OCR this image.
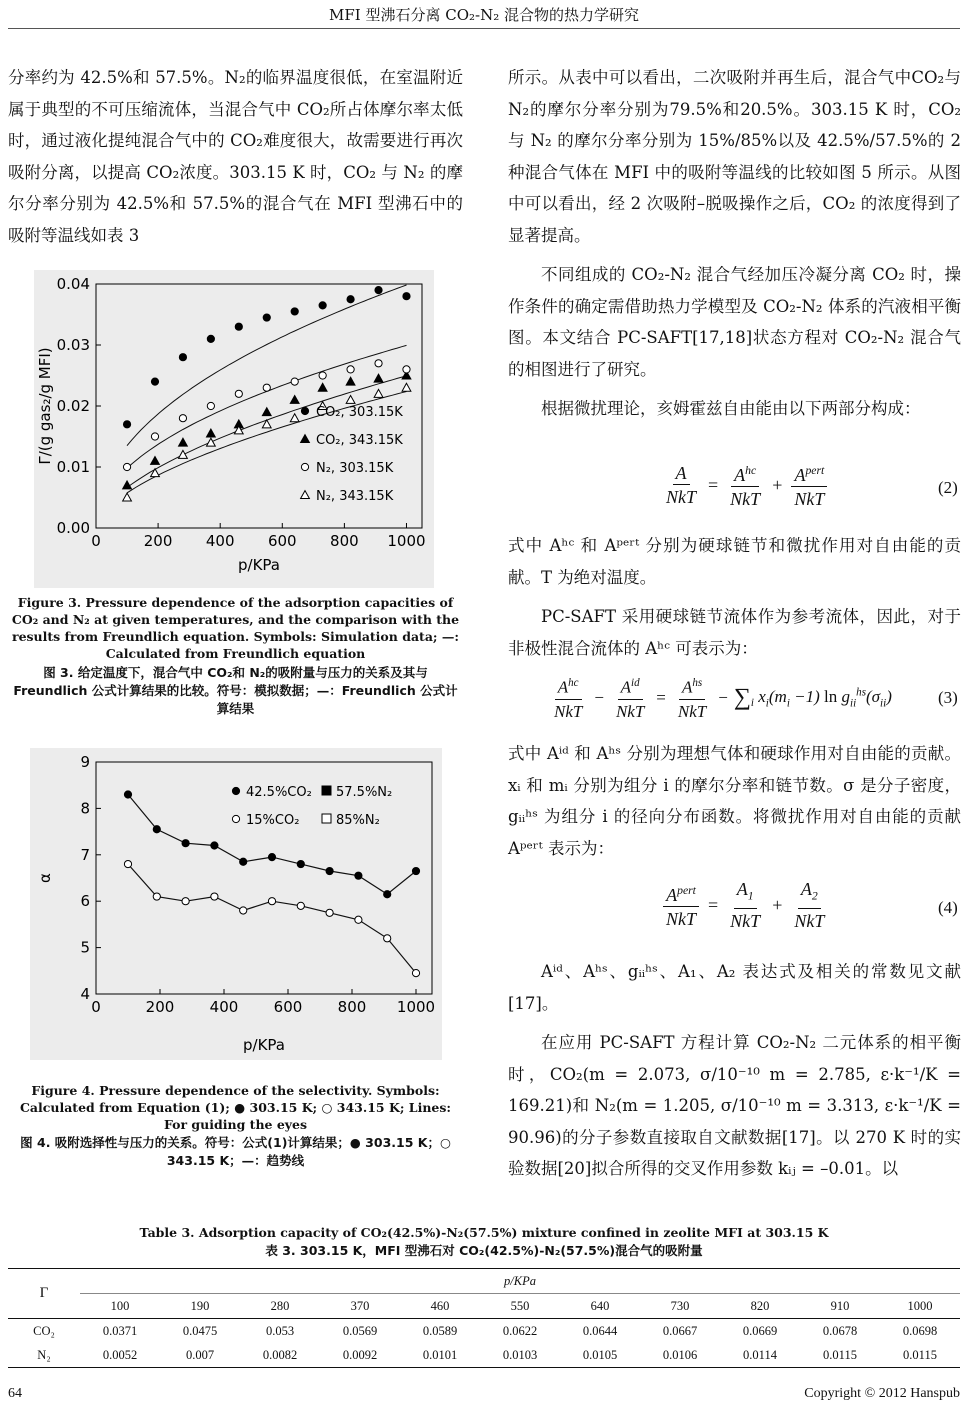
MFI 型沸石分离 CO₂-N₂ 混合物的热力学研究

分率约为 42.5%和 57.5%。N₂的临界温度很低，在室温附近属于典型的不可压缩流体，当混合气中 CO₂所占体摩尔率太低时，通过液化提纯混合气中的 CO₂难度很大，故需要进行再次吸附分离，以提高 CO₂浓度。303.15 K 时，CO₂ 与 N₂ 的摩尔分率分别为 42.5%和 57.5%的混合气在 MFI 型沸石中的吸附等温线如表 3

0	200 400 600 800 1000
0.00
0.01
0.02
0.03
0.04
p/KPa
Γ/(g gas₂/g MFI)	CO₂, 303.15K
CO₂, 343.15K
N₂, 303.15K
N₂, 343.15K
Figure 3. Pressure dependence of the adsorption capacities of CO₂ and N₂ at given temperatures, and the comparison with the results from Freundlich equation. Symbols: Simulation data; —: Calculated from Freundlich equation
图 3. 给定温度下，混合气中 CO₂和 N₂的吸附量与压力的关系及其与 Freundlich 公式计算结果的比较。符号：模拟数据；—：Freundlich 公式计算结果
0	200 400 600 800 1000
4
5
6
7
8
9
p/KPa
α
42.5%CO₂ 57.5%N₂
15%CO₂	85%N₂
Figure 4. Pressure dependence of the selectivity. Symbols: Calculated from Equation (1); ● 303.15 K; ○ 343.15 K; Lines: For guiding the eyes
图 4. 吸附选择性与压力的关系。符号：公式(1)计算结果；● 303.15 K；○ 343.15 K；—：趋势线

所示。从表中可以看出，二次吸附并再生后，混合气中CO₂与N₂的摩尔分率分别为79.5%和20.5%。303.15 K 时，CO₂ 与 N₂ 的摩尔分率分别为 15%/85%以及 42.5%/57.5%的 2 种混合气体在 MFI 中的吸附等温线的比较如图 5 所示。从图中可以看出，经 2 次吸附–脱吸操作之后，CO₂ 的浓度得到了显著提高。

不同组成的 CO₂-N₂ 混合气经加压冷凝分离 CO₂ 时，操作条件的确定需借助热力学模型及 CO₂-N₂ 体系的汽液相平衡图。本文结合 PC-SAFT[17,18]状态方程对 CO₂-N₂ 混合气的相图进行了研究。

根据微扰理论，亥姆霍兹自由能由以下两部分构成：

$\frac{A}{\text{NkT}} = \frac{A^{hc}}{\text{NkT}} + \frac{A^{pert}}{\text{NkT}}$	(2)

式中 Aʰᶜ 和 Aᵖᵉʳᵗ 分别为硬球链节和微扰作用对自由能的贡献。T 为绝对温度。

PC-SAFT 采用硬球链节流体作为参考流体，因此，对于非极性混合流体的 Aʰᶜ 可表示为：

$\frac{A^{hc}}{\text{NkT}} - \frac{A^{id}}{\text{NkT}} = \frac{A^{hs}}{\text{NkT}} - \sum_i$ $x_i(m_i -1)$ $\ln g_{ii}^{hs}(\sigma_{ii})$	(3)

式中 Aⁱᵈ 和 Aʰˢ 分别为理想气体和硬球作用对自由能的贡献。xᵢ 和 mᵢ 分别为组分 i 的摩尔分率和链节数。σ 是分子密度，gᵢᵢʰˢ 为组分 i 的径向分布函数。将微扰作用对自由能的贡献 Aᵖᵉʳᵗ 表示为：

$\frac{A^{pert}}{\text{NkT}} = \frac{A_1}{\text{NkT}} + \frac{A_2}{\text{NkT}}$	(4)

Aⁱᵈ、Aʰˢ、gᵢᵢʰˢ、A₁、A₂ 表达式及相关的常数见文献[17]。

在应用 PC-SAFT 方程计算 CO₂-N₂ 二元体系的相平衡时，CO₂(m = 2.073, σ/10⁻¹⁰ m = 2.785, ε·k⁻¹/K = 169.21)和 N₂(m = 1.205, σ/10⁻¹⁰ m = 3.313, ε·k⁻¹/K = 90.96)的分子参数直接取自文献数据[17]。以 270 K 时的实验数据[20]拟合所得的交叉作用参数 kᵢⱼ = –0.01。以

Table 3. Adsorption capacity of CO₂(42.5%)-N₂(57.5%) mixture confined in zeolite MFI at 303.15 K
表 3. 303.15 K，MFI 型沸石对 CO₂(42.5%)-N₂(57.5%)混合气的吸附量
Γ	p/KPa										
	100	190	280	370	460	550	640	730	820	910	1000
CO₂	0.0371	0.0475	0.053	0.0569	0.0589	0.0622	0.0644	0.0667	0.0669	0.0678	0.0698
N₂	0.0052	0.007	0.0082	0.0092	0.0101	0.0103	0.0105	0.0106	0.0114	0.0115	0.0115
64	Copyright © 2012 Hanspub
